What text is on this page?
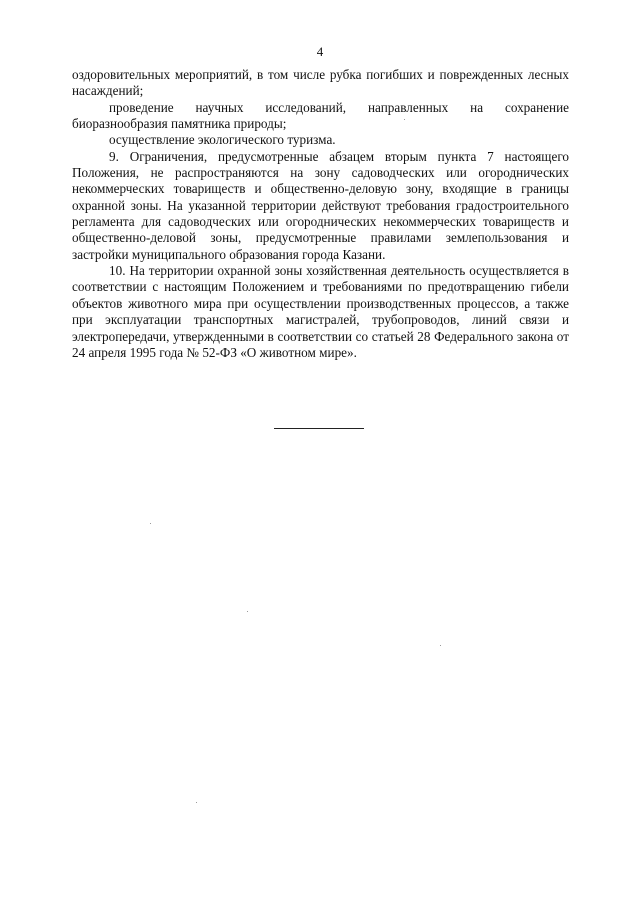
4

оздоровительных мероприятий, в том числе рубка погибших и поврежденных лесных насаждений;

проведение научных исследований, направленных на сохранение биоразнообразия памятника природы;

осуществление экологического туризма.

9. Ограничения, предусмотренные абзацем вторым пункта 7 настоящего Положения, не распространяются на зону садоводческих или огороднических некоммерческих товариществ и общественно-деловую зону, входящие в границы охранной зоны. На указанной территории действуют требования градостроительного регламента для садоводческих или огороднических некоммерческих товариществ и общественно-деловой зоны, предусмотренные правилами землепользования и застройки муниципального образования города Казани.

10. На территории охранной зоны хозяйственная деятельность осуществляется в соответствии с настоящим Положением и требованиями по предотвращению гибели объектов животного мира при осуществлении производственных процессов, а также при эксплуатации транспортных магистралей, трубопроводов, линий связи и электропередачи, утвержденными в соответствии со статьей 28 Федерального закона от 24 апреля 1995 года № 52-ФЗ «О животном мире».
